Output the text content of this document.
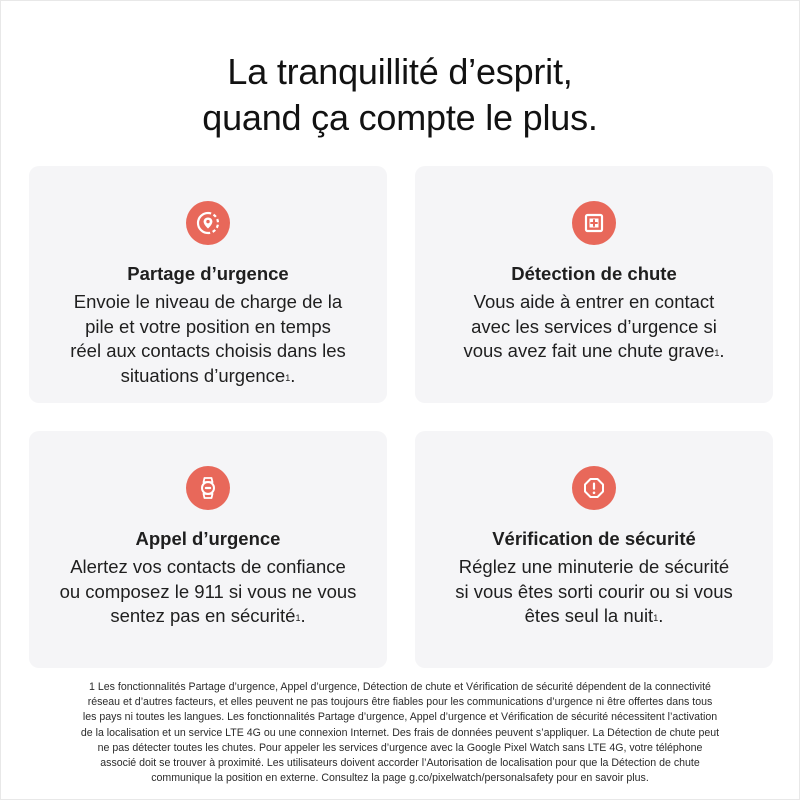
La tranquillité d’esprit,
quand ça compte le plus.
Partage d’urgence
Envoie le niveau de charge de la
pile et votre position en temps
réel aux contacts choisis dans les
situations d’urgence$^1$.
Détection de chute
Vous aide à entrer en contact
avec les services d’urgence si
vous avez fait une chute grave$^1$.
Appel d’urgence
Alertez vos contacts de confiance
ou composez le 911 si vous ne vous
sentez pas en sécurité$^1$.
Vérification de sécurité
Réglez une minuterie de sécurité
si vous êtes sorti courir ou si vous
êtes seul la nuit$^1$.
1 Les fonctionnalités Partage d’urgence, Appel d’urgence, Détection de chute et Vérification de sécurité dépendent de la connectivité
réseau et d’autres facteurs, et elles peuvent ne pas toujours être fiables pour les communications d’urgence ni être offertes dans tous
les pays ni toutes les langues. Les fonctionnalités Partage d’urgence, Appel d’urgence et Vérification de sécurité nécessitent l’activation
de la localisation et un service LTE 4G ou une connexion Internet. Des frais de données peuvent s’appliquer. La Détection de chute peut
ne pas détecter toutes les chutes. Pour appeler les services d’urgence avec la Google Pixel Watch sans LTE 4G, votre téléphone
associé doit se trouver à proximité. Les utilisateurs doivent accorder l’Autorisation de localisation pour que la Détection de chute
communique la position en externe. Consultez la page g.co/pixelwatch/personalsafety pour en savoir plus.
